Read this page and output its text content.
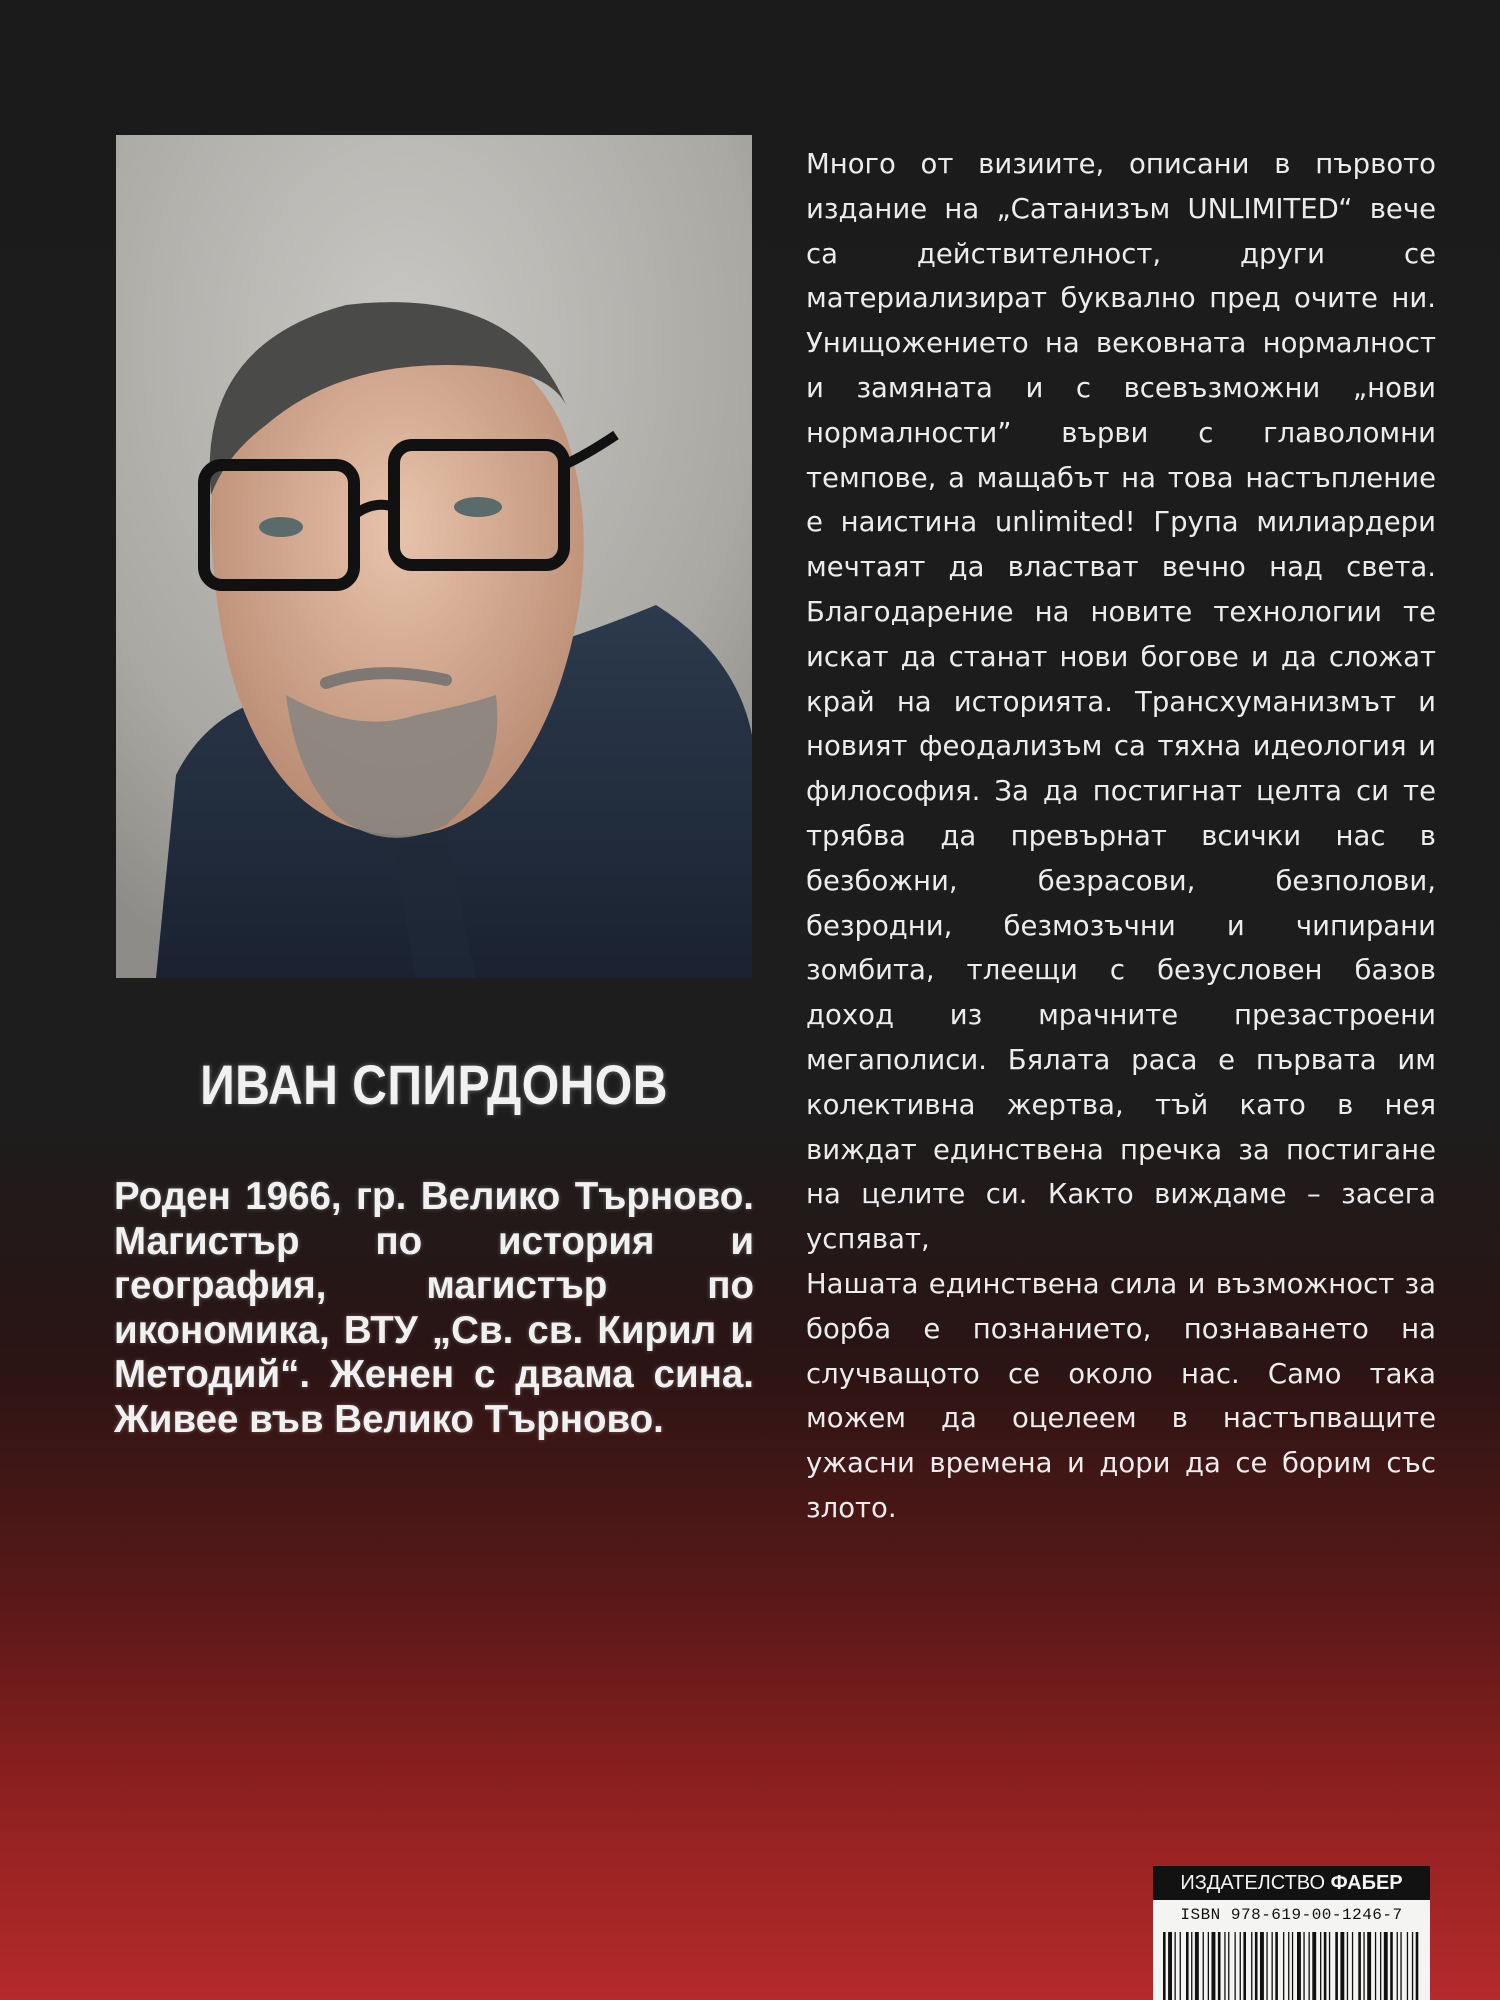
ИВАН СПИРДОНОВ

Роден 1966, гр. Велико Търново. Магистър по история и география, магистър по икономика, ВТУ „Св. св. Кирил и Методий“. Женен с двама сина. Живее във Велико Търново.

Много от визиите, описани в първото издание на „Сатанизъм UNLIMITED“ вече са действителност, други се материализират буквално пред очите ни. Унищожението на вековната нормалност и замяната и с всевъзможни „нови нормалности” върви с главоломни темпове, а мащабът на това настъпление е наистина unlimited! Група милиардери мечтаят да властват вечно над света. Благодарение на новите технологии те искат да станат нови богове и да сложат край на историята. Трансхуманизмът и новият феодализъм са тяхна идеология и философия. За да постигнат целта си те трябва да превърнат всички нас в безбожни, безрасови, безполови, безродни, безмозъчни и чипирани зомбита, тлеещи с безусловен базов доход из мрачните презастроени мегаполиси. Бялата раса е първата им колективна жертва, тъй като в нея виждат единствена пречка за постигане на целите си. Както виждаме – засега успяват,

Нашата единствена сила и възможност за борба е познанието, познаването на случващото се около нас. Само така можем да оцелеем в настъпващите ужасни времена и дори да се борим със злото.

ИЗДАТЕЛСТВО ФАБЕР
ISBN 978-619-00-1246-7
